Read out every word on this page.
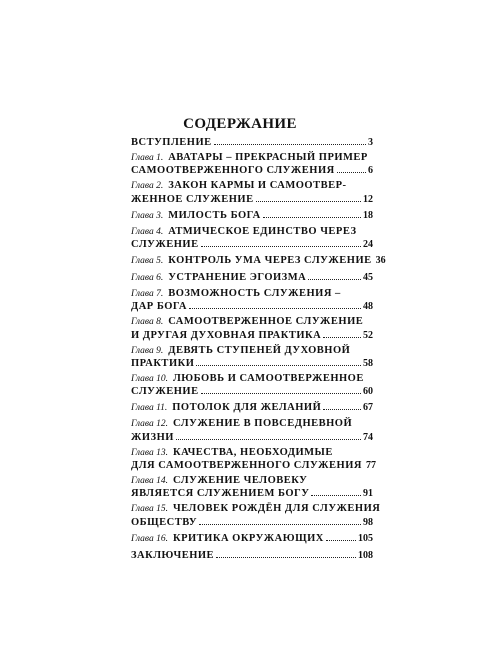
СОДЕРЖАНИЕ
ВСТУПЛЕНИЕ	3
Глава 1. АВАТАРЫ – ПРЕКРАСНЫЙ ПРИМЕР
САМООТВЕРЖЕННОГО СЛУЖЕНИЯ	6
Глава 2. ЗАКОН КАРМЫ И САМООТВЕР-
ЖЕННОЕ СЛУЖЕНИЕ	12
Глава 3. МИЛОСТЬ БОГА	18
Глава 4. АТМИЧЕСКОЕ ЕДИНСТВО ЧЕРЕЗ
СЛУЖЕНИЕ	24
Глава 5. КОНТРОЛЬ УМА ЧЕРЕЗ СЛУЖЕНИЕ 36
Глава 6. УСТРАНЕНИЕ ЭГОИЗМА	45
Глава 7. ВОЗМОЖНОСТЬ СЛУЖЕНИЯ –
ДАР БОГА	48
Глава 8. САМООТВЕРЖЕННОЕ СЛУЖЕНИЕ
И ДРУГАЯ ДУХОВНАЯ ПРАКТИКА	52
Глава 9. ДЕВЯТЬ СТУПЕНЕЙ ДУХОВНОЙ
ПРАКТИКИ	58
Глава 10. ЛЮБОВЬ И САМООТВЕРЖЕННОЕ
СЛУЖЕНИЕ	60
Глава 11. ПОТОЛОК ДЛЯ ЖЕЛАНИЙ	67
Глава 12. СЛУЖЕНИЕ В ПОВСЕДНЕВНОЙ
ЖИЗНИ	74
Глава 13. КАЧЕСТВА, НЕОБХОДИМЫЕ
ДЛЯ САМООТВЕРЖЕННОГО СЛУЖЕНИЯ 77
Глава 14. СЛУЖЕНИЕ ЧЕЛОВЕКУ
ЯВЛЯЕТСЯ СЛУЖЕНИЕМ БОГУ	91
Глава 15. ЧЕЛОВЕК РОЖДЁН ДЛЯ СЛУЖЕНИЯ
ОБЩЕСТВУ	98
Глава 16. КРИТИКА ОКРУЖАЮЩИХ	105
ЗАКЛЮЧЕНИЕ	108
